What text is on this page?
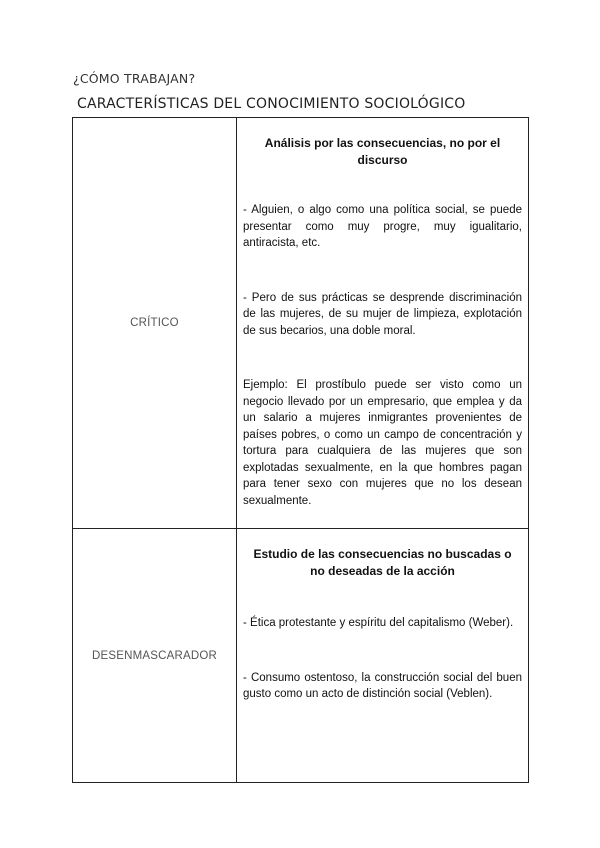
¿CÓMO TRABAJAN?
CARACTERÍSTICAS DEL CONOCIMIENTO SOCIOLÓGICO
CRÍTICO	Análisis por las consecuencias, no por el discurso

- Alguien, o algo como una política social, se puede presentar como muy progre, muy igualitario, antiracista, etc.

- Pero de sus prácticas se desprende discriminación de las mujeres, de su mujer de limpieza, explotación de sus becarios, una doble moral.

Ejemplo: El prostíbulo puede ser visto como un negocio llevado por un empresario, que emplea y da un salario a mujeres inmigrantes provenientes de países pobres, o como un campo de concentración y tortura para cualquiera de las mujeres que son explotadas sexualmente, en la que hombres pagan para tener sexo con mujeres que no los desean sexualmente.

DESENMASCARADOR	Estudio de las consecuencias no buscadas o no deseadas de la acción

- Ética protestante y espíritu del capitalismo (Weber).

- Consumo ostentoso, la construcción social del buen gusto como un acto de distinción social (Veblen).
